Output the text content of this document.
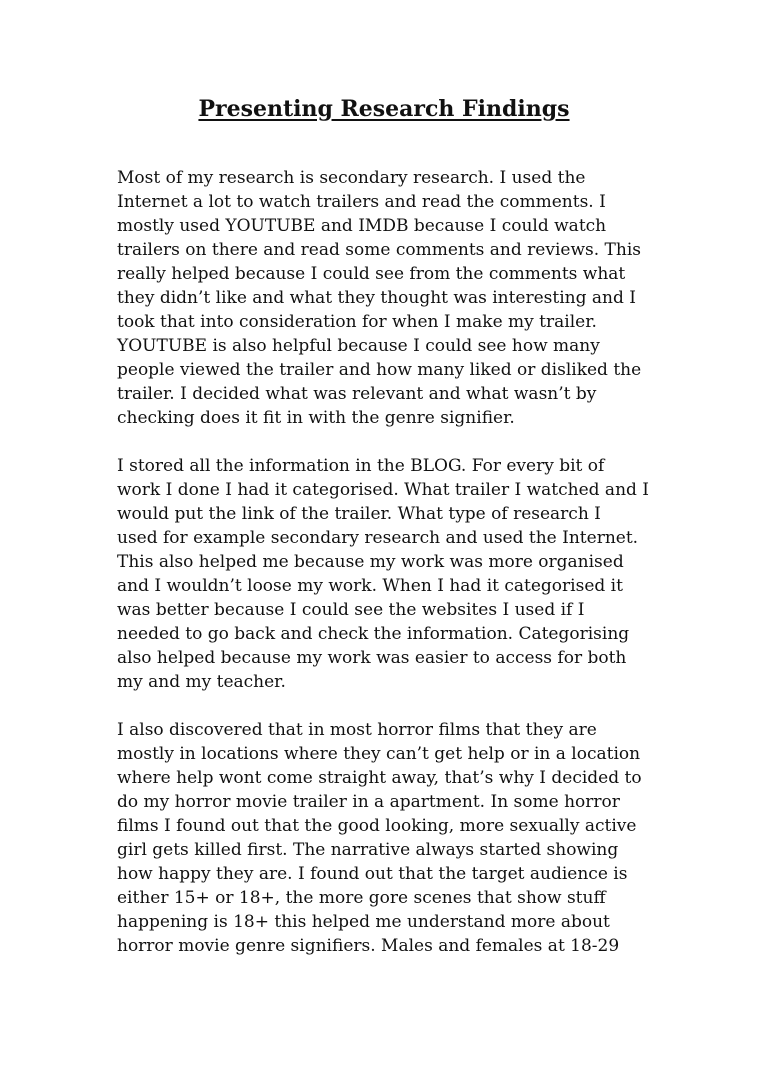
Presenting Research Findings

Most of my research is secondary research. I used the
Internet a lot to watch trailers and read the comments. I
mostly used YOUTUBE and IMDB because I could watch
trailers on there and read some comments and reviews. This
really helped because I could see from the comments what
they didn’t like and what they thought was interesting and I
took that into consideration for when I make my trailer.
YOUTUBE is also helpful because I could see how many
people viewed the trailer and how many liked or disliked the
trailer. I decided what was relevant and what wasn’t by
checking does it fit in with the genre signifier.

I stored all the information in the BLOG. For every bit of
work I done I had it categorised. What trailer I watched and I
would put the link of the trailer. What type of research I
used for example secondary research and used the Internet.
This also helped me because my work was more organised
and I wouldn’t loose my work. When I had it categorised it
was better because I could see the websites I used if I
needed to go back and check the information. Categorising
also helped because my work was easier to access for both
my and my teacher.

I also discovered that in most horror films that they are
mostly in locations where they can’t get help or in a location
where help wont come straight away, that’s why I decided to
do my horror movie trailer in a apartment. In some horror
films I found out that the good looking, more sexually active
girl gets killed first. The narrative always started showing
how happy they are. I found out that the target audience is
either 15+ or 18+, the more gore scenes that show stuff
happening is 18+ this helped me understand more about
horror movie genre signifiers. Males and females at 18-29
